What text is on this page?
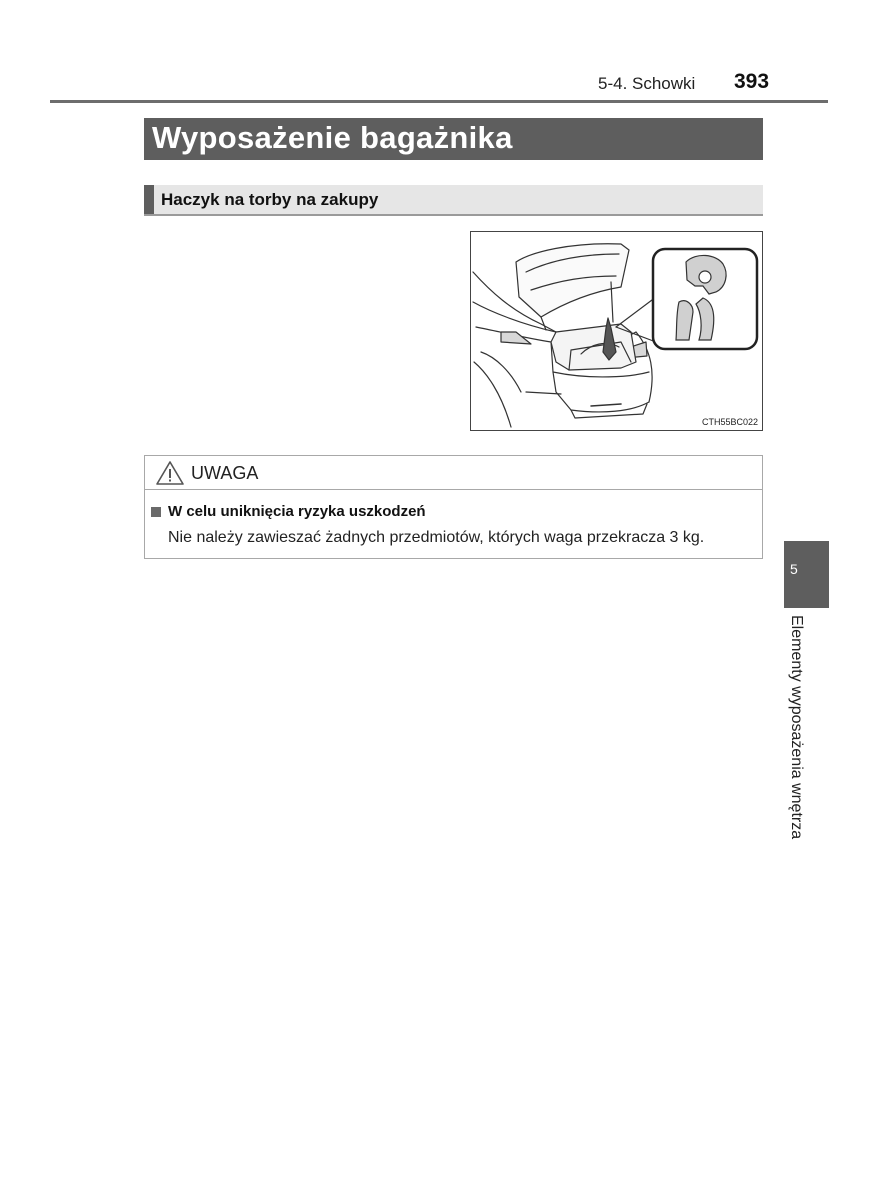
5-4. Schowki 393
Wyposażenie bagażnika
Haczyk na torby na zakupy
CTH55BC022
UWAGA
W celu uniknięcia ryzyka uszkodzeń
Nie należy zawieszać żadnych przedmiotów, których waga przekracza 3 kg.
5
Elementy wyposażenia wnętrza
